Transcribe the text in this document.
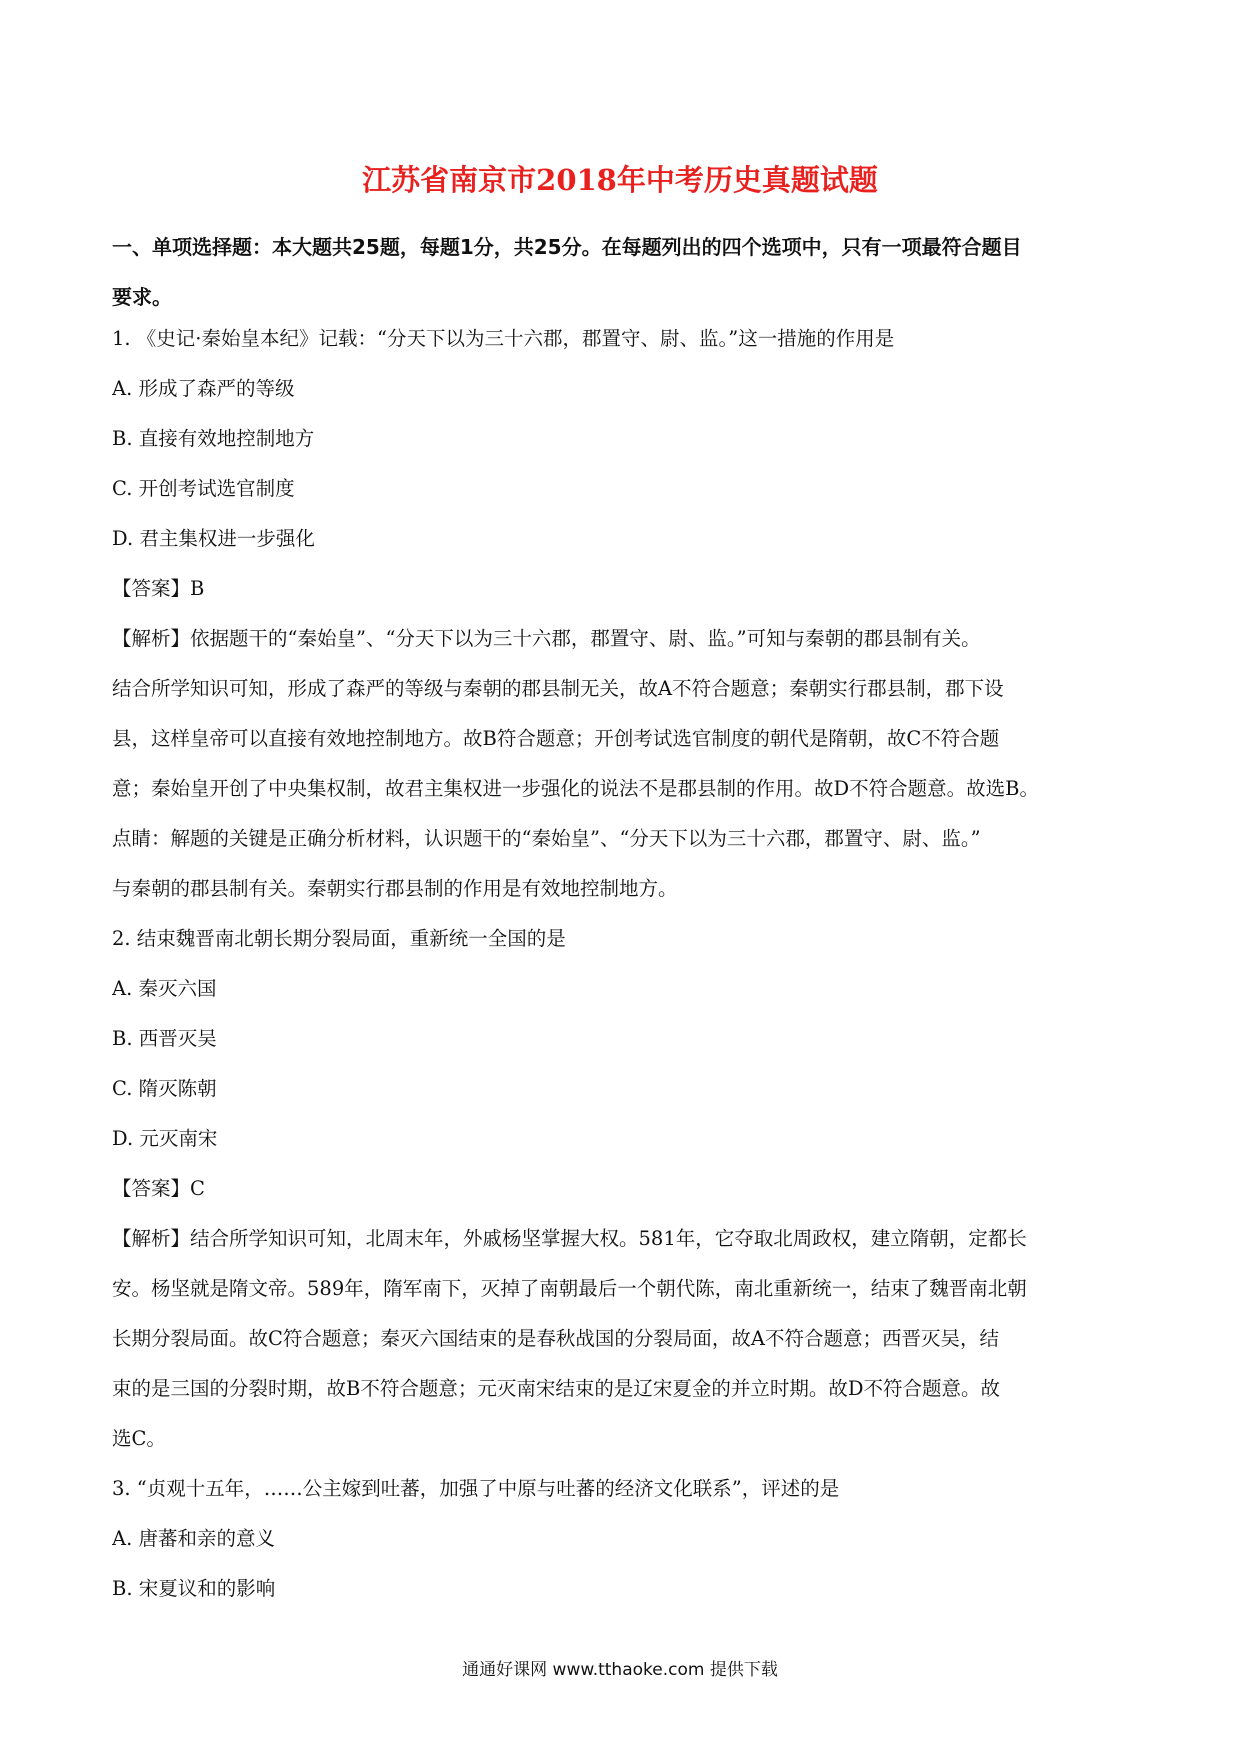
江苏省南京市2018年中考历史真题试题
一、单项选择题：本大题共25题，每题1分，共25分。在每题列出的四个选项中，只有一项最符合题目
要求。
1. 《史记·秦始皇本纪》记载：“分天下以为三十六郡，郡置守、尉、监。”这一措施的作用是
A. 形成了森严的等级
B. 直接有效地控制地方
C. 开创考试选官制度
D. 君主集权进一步强化
【答案】B
【解析】依据题干的“秦始皇”、“分天下以为三十六郡，郡置守、尉、监。”可知与秦朝的郡县制有关。
结合所学知识可知，形成了森严的等级与秦朝的郡县制无关，故A不符合题意；秦朝实行郡县制，郡下设
县，这样皇帝可以直接有效地控制地方。故B符合题意；开创考试选官制度的朝代是隋朝，故C不符合题
意；秦始皇开创了中央集权制，故君主集权进一步强化的说法不是郡县制的作用。故D不符合题意。故选B。
点睛：解题的关键是正确分析材料，认识题干的“秦始皇”、“分天下以为三十六郡，郡置守、尉、监。”
与秦朝的郡县制有关。秦朝实行郡县制的作用是有效地控制地方。
2. 结束魏晋南北朝长期分裂局面，重新统一全国的是
A. 秦灭六国
B. 西晋灭吴
C. 隋灭陈朝
D. 元灭南宋
【答案】C
【解析】结合所学知识可知，北周末年，外戚杨坚掌握大权。581年，它夺取北周政权，建立隋朝，定都长
安。杨坚就是隋文帝。589年，隋军南下，灭掉了南朝最后一个朝代陈，南北重新统一，结束了魏晋南北朝
长期分裂局面。故C符合题意；秦灭六国结束的是春秋战国的分裂局面，故A不符合题意；西晋灭吴，结
束的是三国的分裂时期，故B不符合题意；元灭南宋结束的是辽宋夏金的并立时期。故D不符合题意。故
选C。
3. “贞观十五年，……公主嫁到吐蕃，加强了中原与吐蕃的经济文化联系”，评述的是
A. 唐蕃和亲的意义
B. 宋夏议和的影响
通通好课网 www.tthaoke.com 提供下载
